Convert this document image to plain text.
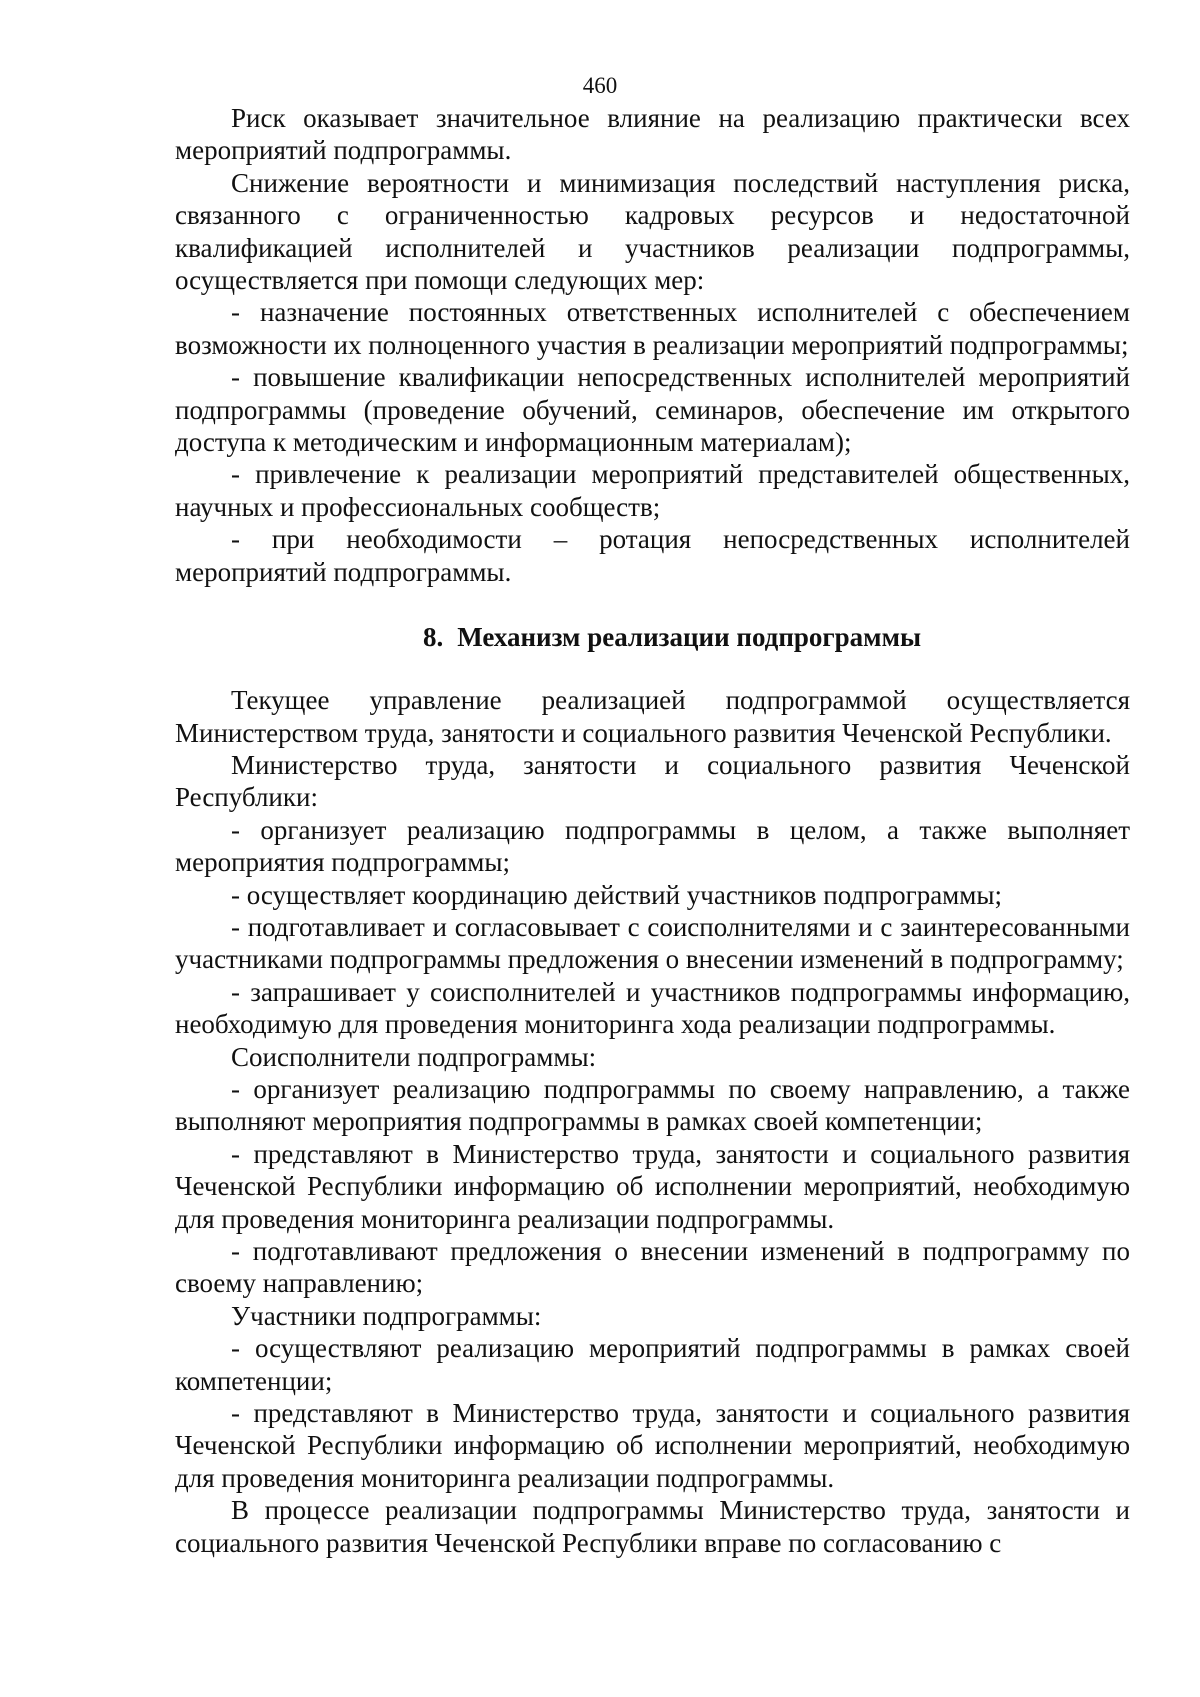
460

Риск оказывает значительное влияние на реализацию практически всех мероприятий подпрограммы.

Снижение вероятности и минимизация последствий наступления риска, связанного с ограниченностью кадровых ресурсов и недостаточной квалификацией исполнителей и участников реализации подпрограммы, осуществляется при помощи следующих мер:

- назначение постоянных ответственных исполнителей с обеспечением возможности их полноценного участия в реализации мероприятий подпрограммы;

- повышение квалификации непосредственных исполнителей мероприятий подпрограммы (проведение обучений, семинаров, обеспечение им открытого доступа к методическим и информационным материалам);

- привлечение к реализации мероприятий представителей общественных, научных и профессиональных сообществ;

- при необходимости – ротация непосредственных исполнителей мероприятий подпрограммы.

8. Механизм реализации подпрограммы

Текущее управление реализацией подпрограммой осуществляется Министерством труда, занятости и социального развития Чеченской Республики.

Министерство труда, занятости и социального развития Чеченской Республики:

- организует реализацию подпрограммы в целом, а также выполняет мероприятия подпрограммы;

- осуществляет координацию действий участников подпрограммы;

- подготавливает и согласовывает с соисполнителями и с заинтересованными участниками подпрограммы предложения о внесении изменений в подпрограмму;

- запрашивает у соисполнителей и участников подпрограммы информацию, необходимую для проведения мониторинга хода реализации подпрограммы.

Соисполнители подпрограммы:

- организует реализацию подпрограммы по своему направлению, а также выполняют мероприятия подпрограммы в рамках своей компетенции;

- представляют в Министерство труда, занятости и социального развития Чеченской Республики информацию об исполнении мероприятий, необходимую для проведения мониторинга реализации подпрограммы.

- подготавливают предложения о внесении изменений в подпрограмму по своему направлению;

Участники подпрограммы:

- осуществляют реализацию мероприятий подпрограммы в рамках своей компетенции;

- представляют в Министерство труда, занятости и социального развития Чеченской Республики информацию об исполнении мероприятий, необходимую для проведения мониторинга реализации подпрограммы.

В процессе реализации подпрограммы Министерство труда, занятости и социального развития Чеченской Республики вправе по согласованию с
